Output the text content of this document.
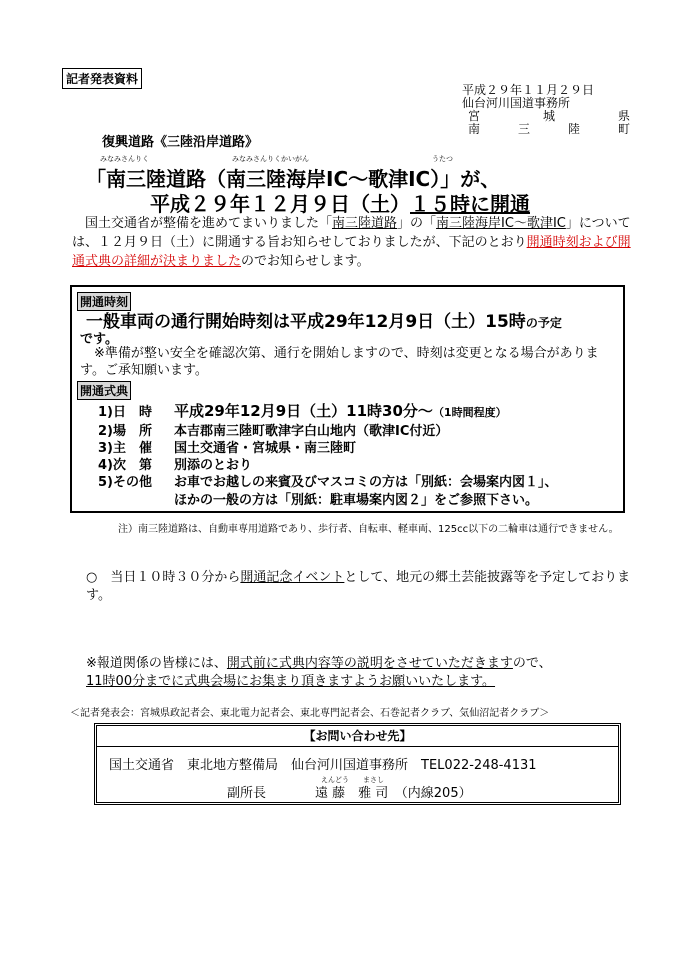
記者発表資料
平成２９年１１月２９日
仙台河川国道事務所
宮	城	県
南	三	陸	町
復興道路《三陸沿岸道路》
みなみさんりく	みなみさんりくかいがん	うたつ
「南三陸道路（南三陸海岸IC～歌津IC）」が、
平成２９年１２月９日（土）１５時に開通
国土交通省が整備を進めてまいりました「南三陸道路」の「南三陸海岸IC～歌津IC」については、１２月９日（土）に開通する旨お知らせしておりましたが、下記のとおり開通時刻および開通式典の詳細が決まりましたのでお知らせします。
開通時刻
一般車両の通行開始時刻は平成29年12月9日（土）15時の予定
です。
※準備が整い安全を確認次第、通行を開始しますので、時刻は変更となる場合があります。ご承知願います。
開通式典
1)日　時 平成29年12月9日（土）11時30分～（1時間程度）
2)場　所 本吉郡南三陸町歌津字白山地内（歌津IC付近）
3)主　催 国土交通省・宮城県・南三陸町
4)次　第 別添のとおり
5)その他 お車でお越しの来賓及びマスコミの方は「別紙：会場案内図１」、
ほかの一般の方は「別紙：駐車場案内図２」をご参照下さい。
注）南三陸道路は、自動車専用道路であり、歩行者、自転車、軽車両、125cc以下の二輪車は通行できません。
○　 当日１０時３０分から開通記念イベントとして、地元の郷土芸能披露等を予定しております。
※報道関係の皆様には、開式前に式典内容等の説明をさせていただきますので、
11時00分までに式典会場にお集まり頂きますようお願いいたします。
＜記者発表会：宮城県政記者会、東北電力記者会、東北専門記者会、石巻記者クラブ、気仙沼記者クラブ＞
【お問い合わせ先】
国土交通省　東北地方整備局　仙台河川国道事務所　 TEL022-248-4131
えんどう まさし
副所長	遠 藤　雅 司　 （内線205）
